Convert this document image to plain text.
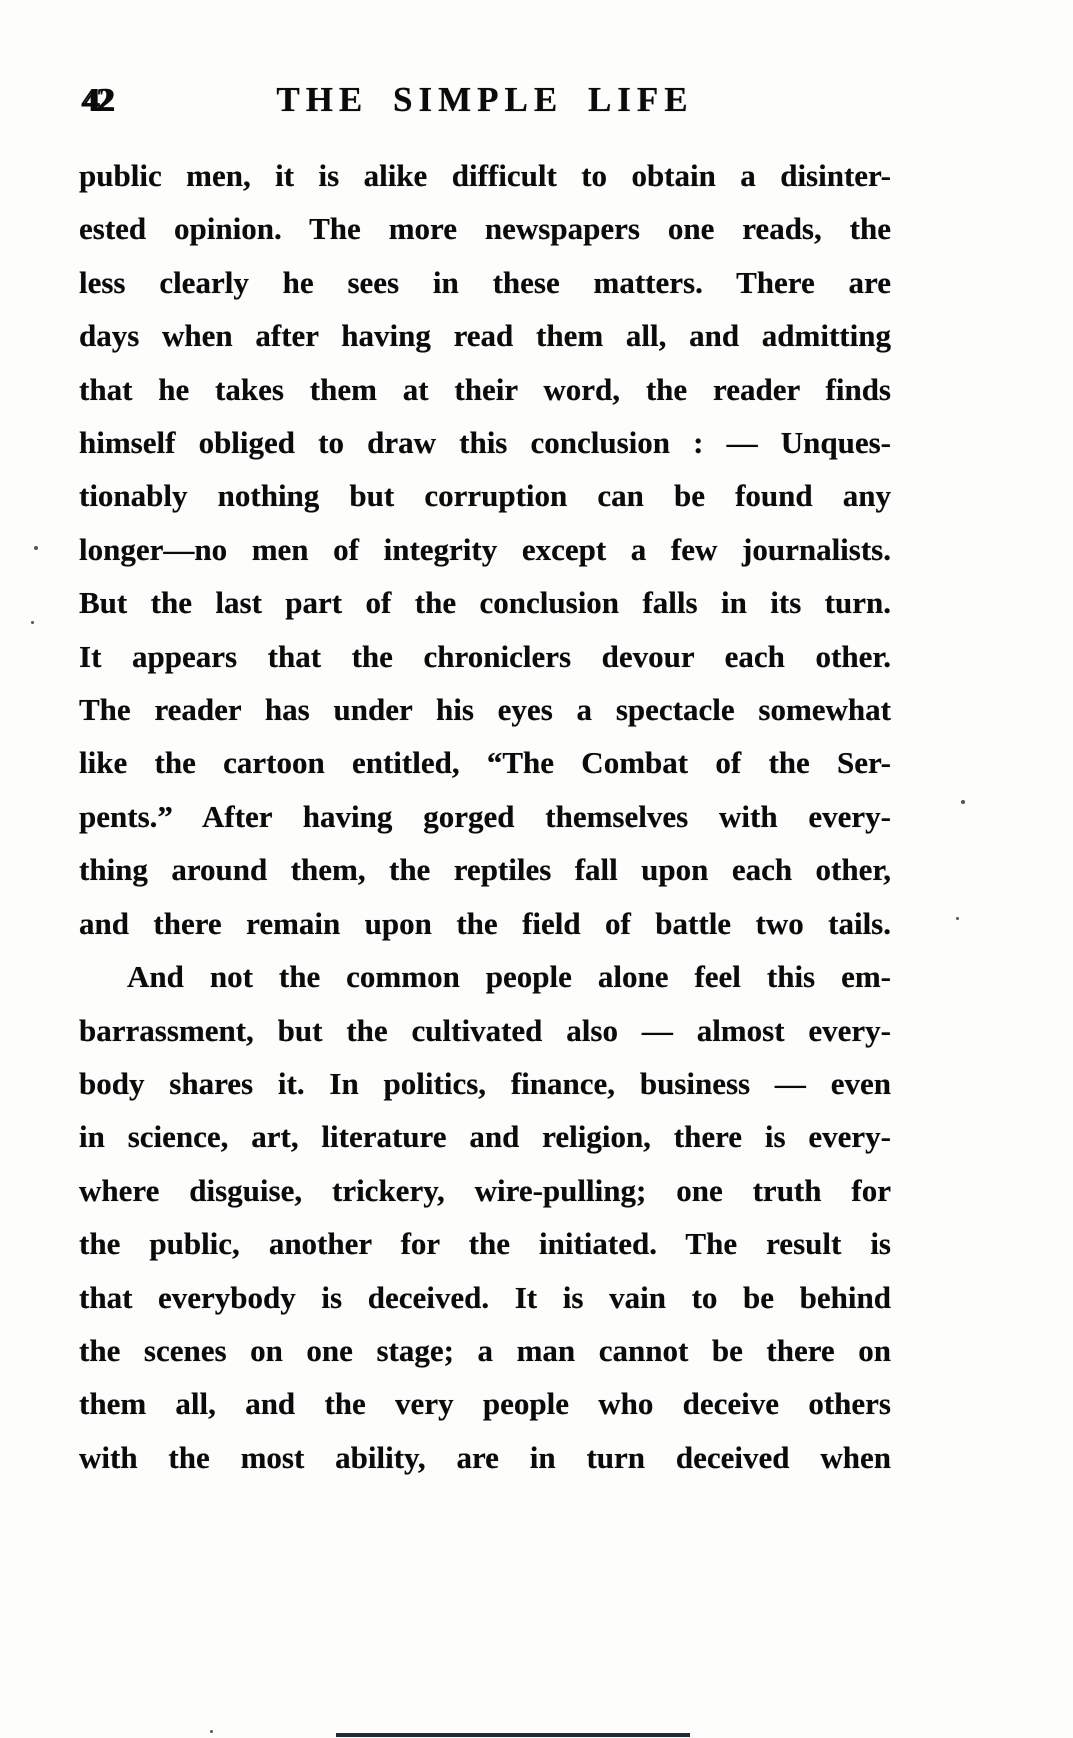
42	THE SIMPLE LIFE
public men, it is alike difficult to obtain a disinter-
ested opinion. The more newspapers one reads, the
less clearly he sees in these matters. There are
days when after having read them all, and admitting
that he takes them at their word, the reader finds
himself obliged to draw this conclusion : — Unques-
tionably nothing but corruption can be found any
longer—no men of integrity except a few journalists.
But the last part of the conclusion falls in its turn.
It appears that the chroniclers devour each other.
The reader has under his eyes a spectacle somewhat
like the cartoon entitled, “The Combat of the Ser-
pents.” After having gorged themselves with every-
thing around them, the reptiles fall upon each other,
and there remain upon the field of battle two tails.
And not the common people alone feel this em-
barrassment, but the cultivated also — almost every-
body shares it. In politics, finance, business — even
in science, art, literature and religion, there is every-
where disguise, trickery, wire-pulling; one truth for
the public, another for the initiated. The result is
that everybody is deceived. It is vain to be behind
the scenes on one stage; a man cannot be there on
them all, and the very people who deceive others
with the most ability, are in turn deceived when
